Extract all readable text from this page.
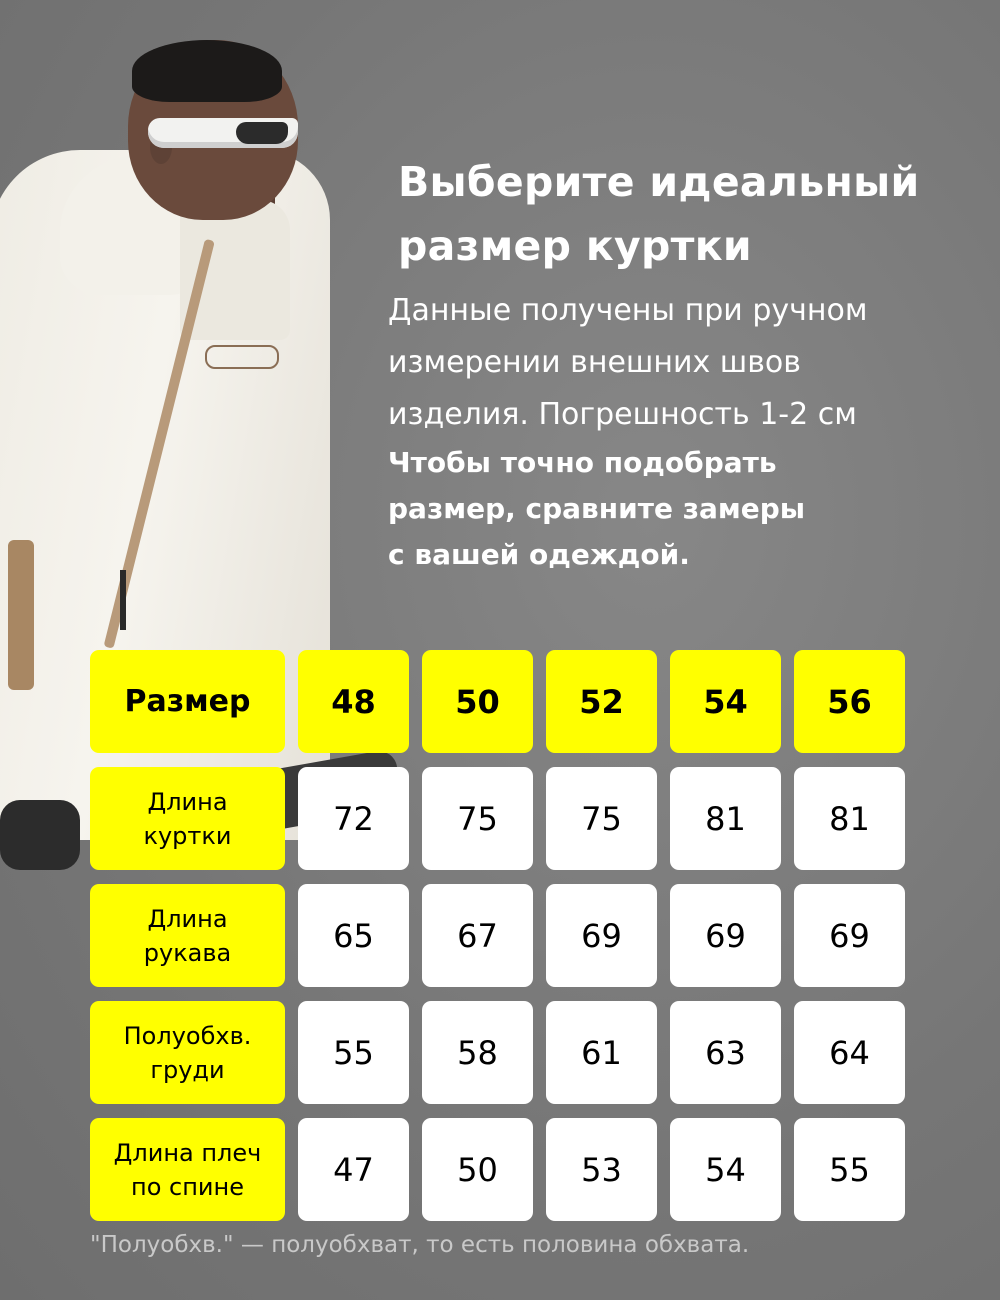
Выберите идеальный
размер куртки
Данные получены при ручном
измерении внешних швов
изделия. Погрешность 1-2 см
Чтобы точно подобрать
размер, сравните замеры
с вашей одеждой.
Размер	48	50	52	54	56
Длина
куртки	72	75	75	81	81
Длина
рукава	65	67	69	69	69
Полуобхв.
груди	55	58	61	63	64
Длина плеч
по спине	47	50	53	54	55
"Полуобхв." — полуобхват, то есть половина обхвата.
